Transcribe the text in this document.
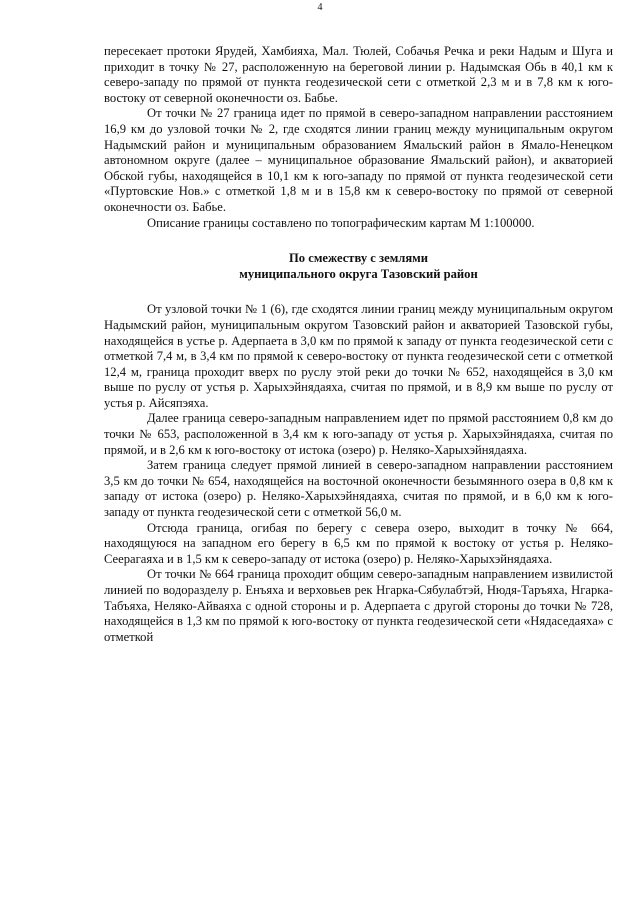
4

пересекает протоки Ярудей, Хамбияха, Мал. Тюлей, Собачья Речка и реки Надым и Шуга и приходит в точку № 27, расположенную на береговой линии р. Надымская Обь в 40,1 км к северо-западу по прямой от пункта геодезической сети с отметкой 2,3 м и в 7,8 км к юго-востоку от северной оконечности оз. Бабье.

От точки № 27 граница идет по прямой в северо-западном направлении расстоянием 16,9 км до узловой точки № 2, где сходятся линии границ между муниципальным округом Надымский район и муниципальным образованием Ямальский район в Ямало-Ненецком автономном округе (далее – муниципальное образование Ямальский район), и акваторией Обской губы, находящейся в 10,1 км к юго-западу по прямой от пункта геодезической сети «Пуртовские Нов.» с отметкой 1,8 м и в 15,8 км к северо-востоку по прямой от северной оконечности оз. Бабье.

Описание границы составлено по топографическим картам М 1:100000.

По смежеству с землями
муниципального округа Тазовский район

От узловой точки № 1 (6), где сходятся линии границ между муниципальным округом Надымский район, муниципальным округом Тазовский район и акваторией Тазовской губы, находящейся в устье р. Адерпаета в 3,0 км по прямой к западу от пункта геодезической сети с отметкой 7,4 м, в 3,4 км по прямой к северо-востоку от пункта геодезической сети с отметкой 12,4 м, граница проходит вверх по руслу этой реки до точки № 652, находящейся в 3,0 км выше по руслу от устья р. Харыхэйнядаяха, считая по прямой, и в 8,9 км выше по руслу от устья р. Айсяпэяха.

Далее граница северо-западным направлением идет по прямой расстоянием 0,8 км до точки № 653, расположенной в 3,4 км к юго-западу от устья р. Харыхэйнядаяха, считая по прямой, и в 2,6 км к юго-востоку от истока (озеро) р. Неляко-Харыхэйнядаяха.

Затем граница следует прямой линией в северо-западном направлении расстоянием 3,5 км до точки № 654, находящейся на восточной оконечности безымянного озера в 0,8 км к западу от истока (озеро) р. Неляко-Харыхэйнядаяха, считая по прямой, и в 6,0 км к юго-западу от пункта геодезической сети с отметкой 56,0 м.

Отсюда граница, огибая по берегу с севера озеро, выходит в точку № 664, находящуюся на западном его берегу в 6,5 км по прямой к востоку от устья р. Неляко-Сеерагаяха и в 1,5 км к северо-западу от истока (озеро) р. Неляко-Харыхэйнядаяха.

От точки № 664 граница проходит общим северо-западным направлением извилистой линией по водоразделу р. Енъяха и верховьев рек Нгарка-Сябулабтэй, Нюдя-Таръяха, Нгарка-Табъяха, Неляко-Айваяха с одной стороны и р. Адерпаета с другой стороны до точки № 728, находящейся в 1,3 км по прямой к юго-востоку от пункта геодезической сети «Нядаседаяха» с отметкой
